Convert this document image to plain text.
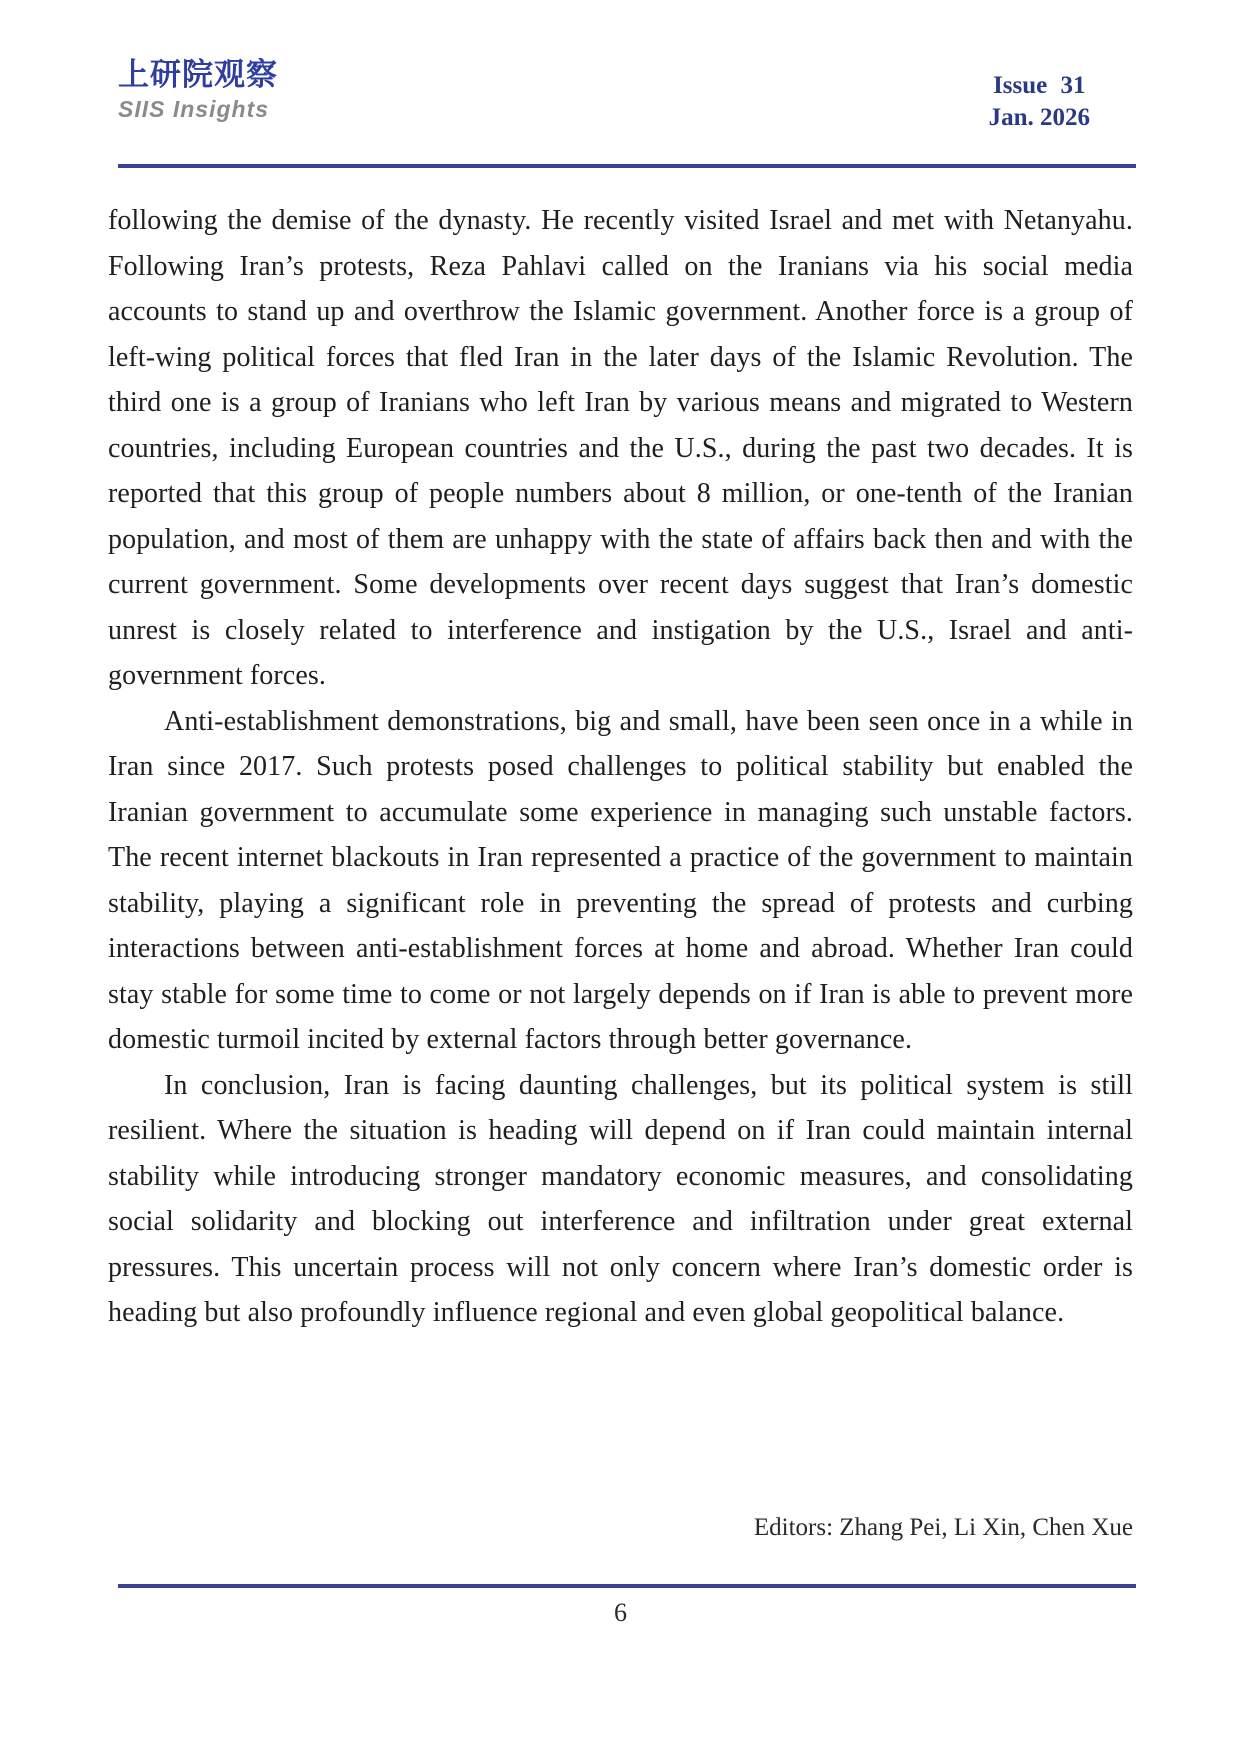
上研院观察
SIIS Insights
Issue 31
Jan. 2026

following the demise of the dynasty. He recently visited Israel and met with Netanyahu. Following Iran’s protests, Reza Pahlavi called on the Iranians via his social media accounts to stand up and overthrow the Islamic government. Another force is a group of left-wing political forces that fled Iran in the later days of the Islamic Revolution. The third one is a group of Iranians who left Iran by various means and migrated to Western countries, including European countries and the U.S., during the past two decades. It is reported that this group of people numbers about 8 million, or one-tenth of the Iranian population, and most of them are unhappy with the state of affairs back then and with the current government. Some developments over recent days suggest that Iran’s domestic unrest is closely related to interference and instigation by the U.S., Israel and anti-government forces.

Anti-establishment demonstrations, big and small, have been seen once in a while in Iran since 2017. Such protests posed challenges to political stability but enabled the Iranian government to accumulate some experience in managing such unstable factors. The recent internet blackouts in Iran represented a practice of the government to maintain stability, playing a significant role in preventing the spread of protests and curbing interactions between anti-establishment forces at home and abroad. Whether Iran could stay stable for some time to come or not largely depends on if Iran is able to prevent more domestic turmoil incited by external factors through better governance.

In conclusion, Iran is facing daunting challenges, but its political system is still resilient. Where the situation is heading will depend on if Iran could maintain internal stability while introducing stronger mandatory economic measures, and consolidating social solidarity and blocking out interference and infiltration under great external pressures. This uncertain process will not only concern where Iran’s domestic order is heading but also profoundly influence regional and even global geopolitical balance.

Editors: Zhang Pei, Li Xin, Chen Xue
6
